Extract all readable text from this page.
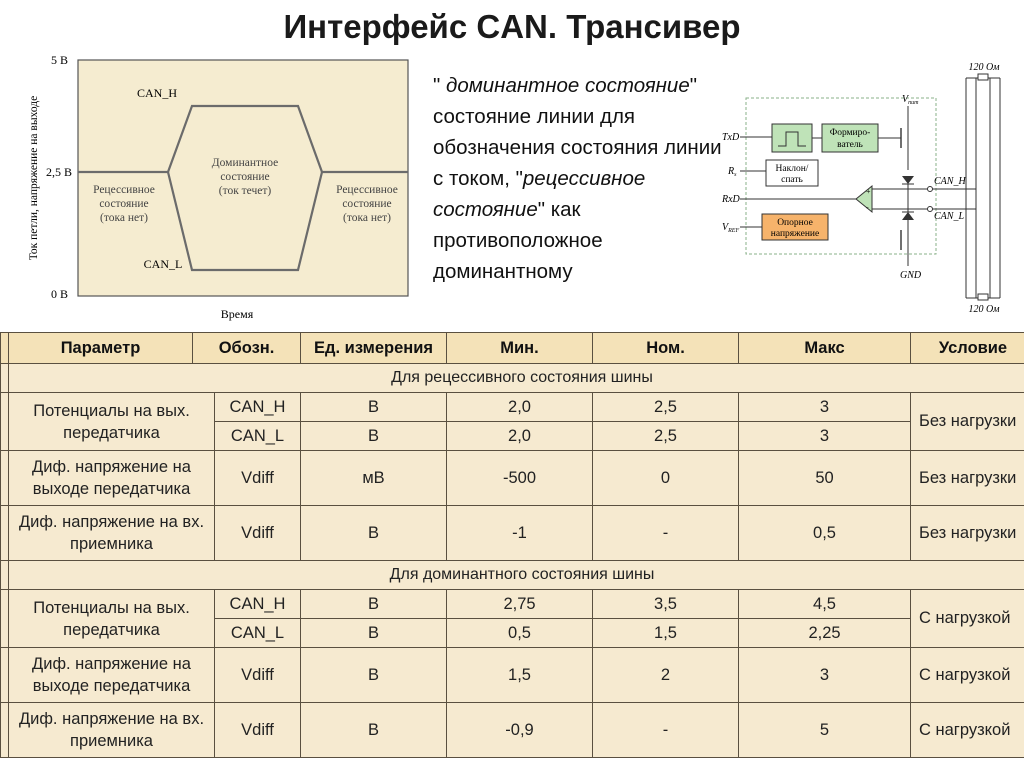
Интерфейс CAN. Трансивер
5 В
2,5 В
0 В
Ток петли, напряжение на выходе
Время
CAN_H
CAN_L
Доминантное
состояние
(ток течет)
Рецессивное
состояние
(тока нет)
Рецессивное
состояние
(тока нет)
" доминантное состояние" состояние линии для обозначения состояния линии с током, "рецессивное состояние" как противоположное доминантному
TxD
$R_s$
RxD
$V_{REF}$
Формиро-
ватель
Наклон/
спать
Опорное
напряжение
+
-
$V_{пит}$
GND
CAN_H
CAN_L
120 Ом
120 Ом
	Параметр	Обозн.		Ед. измерения	Мин.	Ном.	Макс	Условие
	Для рецессивного состояния шины							
	Потенциалы на вых. передатчика		CAN_H	В	2,0	2,5	3	Без нагрузки
			CAN_L	В	2,0	2,5	3	
	Диф. напряжение на выходе передатчика		Vdiff	мВ	-500	0	50	Без нагрузки
	Диф. напряжение на вх. приемника		Vdiff	В	-1	-	0,5	Без нагрузки
	Для доминантного состояния шины							
	Потенциалы на вых. передатчика		CAN_H	В	2,75	3,5	4,5	С нагрузкой
			CAN_L	В	0,5	1,5	2,25	
	Диф. напряжение на выходе передатчика		Vdiff	В	1,5	2	3	С нагрузкой
	Диф. напряжение на вх. приемника		Vdiff	В	-0,9	-	5	С нагрузкой
